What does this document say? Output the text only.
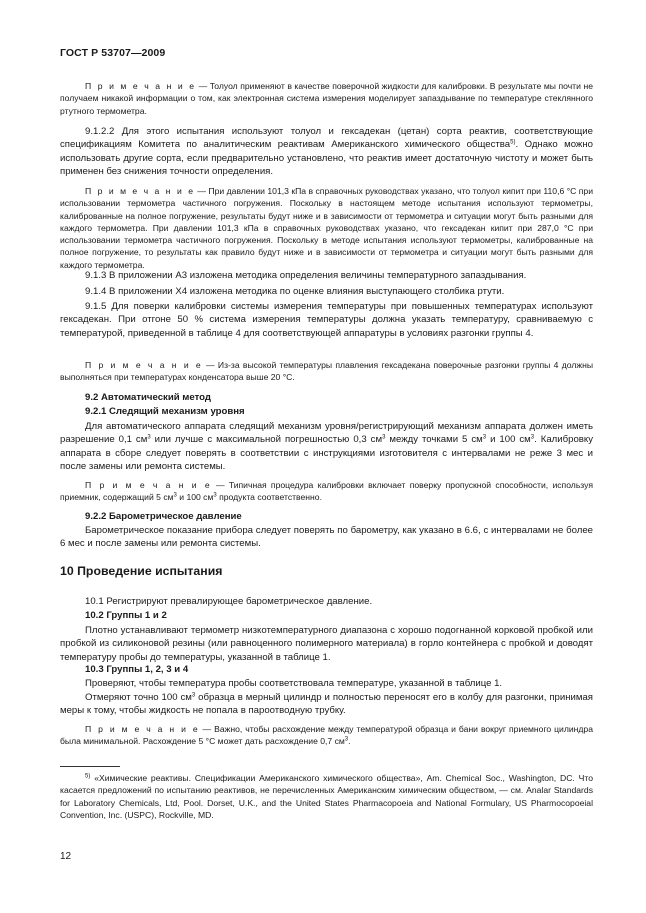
ГОСТ Р 53707—2009
П р и м е ч а н и е — Толуол применяют в качестве поверочной жидкости для калибровки. В результате мы почти не получаем никакой информации о том, как электронная система измерения моделирует запаздывание по температуре стеклянного ртутного термометра.
9.1.2.2 Для этого испытания используют толуол и гексадекан (цетан) сорта реактив, соответствующие спецификациям Комитета по аналитическим реактивам Американского химического общества$^{5)}$. Однако можно использовать другие сорта, если предварительно установлено, что реактив имеет достаточную чистоту и может быть применен без снижения точности определения.
П р и м е ч а н и е — При давлении 101,3 кПа в справочных руководствах указано, что толуол кипит при 110,6 °С при использовании термометра частичного погружения. Поскольку в настоящем методе испытания используют термометры, калиброванные на полное погружение, результаты будут ниже и в зависимости от термометра и ситуации могут быть разными для каждого термометра. При давлении 101,3 кПа в справочных руководствах указано, что гексадекан кипит при 287,0 °С при использовании термометра частичного погружения. Поскольку в методе испытания используют термометры, калиброванные на полное погружение, то результаты как правило будут ниже и в зависимости от термометра и ситуации могут быть разными для каждого термометра.
9.1.3 В приложении А3 изложена методика определения величины температурного запаздывания.
9.1.4 В приложении Х4 изложена методика по оценке влияния выступающего столбика ртути.
9.1.5 Для поверки калибровки системы измерения температуры при повышенных температурах используют гексадекан. При отгоне 50 % система измерения температуры должна указать температуру, сравниваемую с температурой, приведенной в таблице 4 для соответствующей аппаратуры в условиях разгонки группы 4.
П р и м е ч а н и е — Из-за высокой температуры плавления гексадекана поверочные разгонки группы 4 должны выполняться при температурах конденсатора выше 20 °С.
9.2 Автоматический метод
9.2.1 Следящий механизм уровня
Для автоматического аппарата следящий механизм уровня/регистрирующий механизм аппарата должен иметь разрешение 0,1 $см^3$ или лучше с максимальной погрешностью 0,3 $см^3$ между точками 5 $см^3$ и 100 $см^3$. Калибровку аппарата в сборе следует поверять в соответствии с инструкциями изготовителя с интервалами не реже 3 мес и после замены или ремонта системы.
П р и м е ч а н и е — Типичная процедура калибровки включает поверку пропускной способности, используя приемник, содержащий 5 $см^3$ и 100 $см^3$ продукта соответственно.
9.2.2 Барометрическое давление
Барометрическое показание прибора следует поверять по барометру, как указано в 6.6, с интервалами не более 6 мес и после замены или ремонта системы.
10 Проведение испытания
10.1 Регистрируют превалирующее барометрическое давление.
10.2 Группы 1 и 2
Плотно устанавливают термометр низкотемпературного диапазона с хорошо подогнанной корковой пробкой или пробкой из силиконовой резины (или равноценного полимерного материала) в горло контейнера с пробкой и доводят температуру пробы до температуры, указанной в таблице 1.
10.3 Группы 1, 2, 3 и 4
Проверяют, чтобы температура пробы соответствовала температуре, указанной в таблице 1.
Отмеряют точно 100 $см^3$ образца в мерный цилиндр и полностью переносят его в колбу для разгонки, принимая меры к тому, чтобы жидкость не попала в пароотводную трубку.
П р и м е ч а н и е — Важно, чтобы расхождение между температурой образца и бани вокруг приемного цилиндра была минимальной. Расхождение 5 °С может дать расхождение 0,7 $см^3$.
$^{5)}$ «Химические реактивы. Спецификации Американского химического общества», Am. Chemical Soc., Washington, DC. Что касается предложений по испытанию реактивов, не перечисленных Американским химическим обществом, — см. Analar Standards for Laboratory Chemicals, Ltd, Pool. Dorset, U.K., and the United States Pharmacopoeia and National Formulary, US Pharmocopoeial Convention, Inc. (USPC), Rockville, MD.
12
